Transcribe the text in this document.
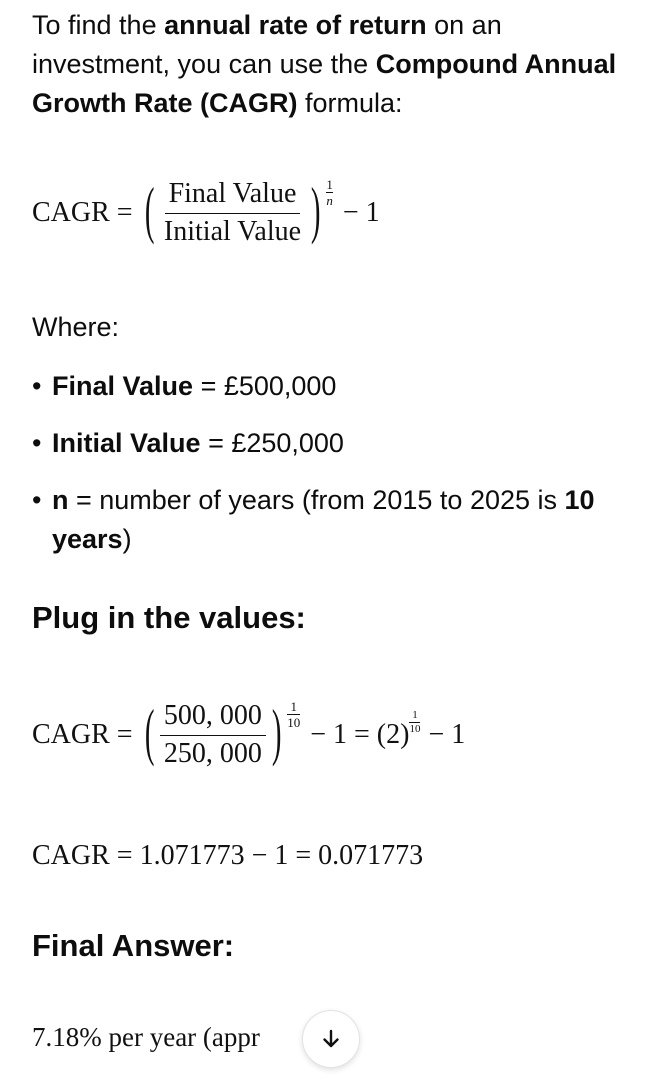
To find the annual rate of return on an investment, you can use the Compound Annual Growth Rate (CAGR) formula:

CAGR = ( $\frac{\text{Final Value}}{\text{Initial Value}}$ ) 1
n − 1

Where:

• Final Value = £500,000
• Initial Value = £250,000
• n = number of years (from 2015 to 2025 is 10 years)

Plug in the values:

CAGR = ( $\frac{500, 000}{250, 000}$ ) 1
10 − 1 = (2)
1
10 − 1
CAGR = 1.071773 − 1 = 0.071773

Final Answer:

7.18% per year (appr
